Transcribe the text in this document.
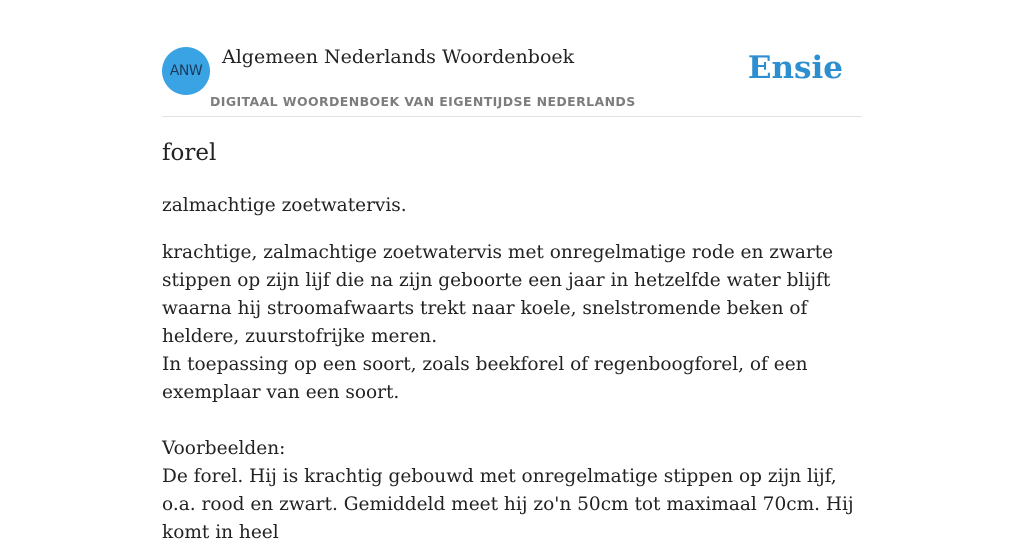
ANW
Algemeen Nederlands Woordenboek
DIGITAAL WOORDENBOEK VAN EIGENTIJDSE NEDERLANDS
Ensie
forel
zalmachtige zoetwatervis.

krachtige, zalmachtige zoetwatervis met onregelmatige rode en zwarte stippen op zijn lijf die na zijn geboorte een jaar in hetzelfde water blijft waarna hij stroomafwaarts trekt naar koele, snelstromende beken of heldere, zuurstofrijke meren.

In toepassing op een soort, zoals beekforel of regenboogforel, of een exemplaar van een soort.

Voorbeelden:

De forel. Hij is krachtig gebouwd met onregelmatige stippen op zijn lijf, o.a. rood en zwart. Gemiddeld meet hij zo'n 50cm tot maximaal 70cm. Hij komt in heel
